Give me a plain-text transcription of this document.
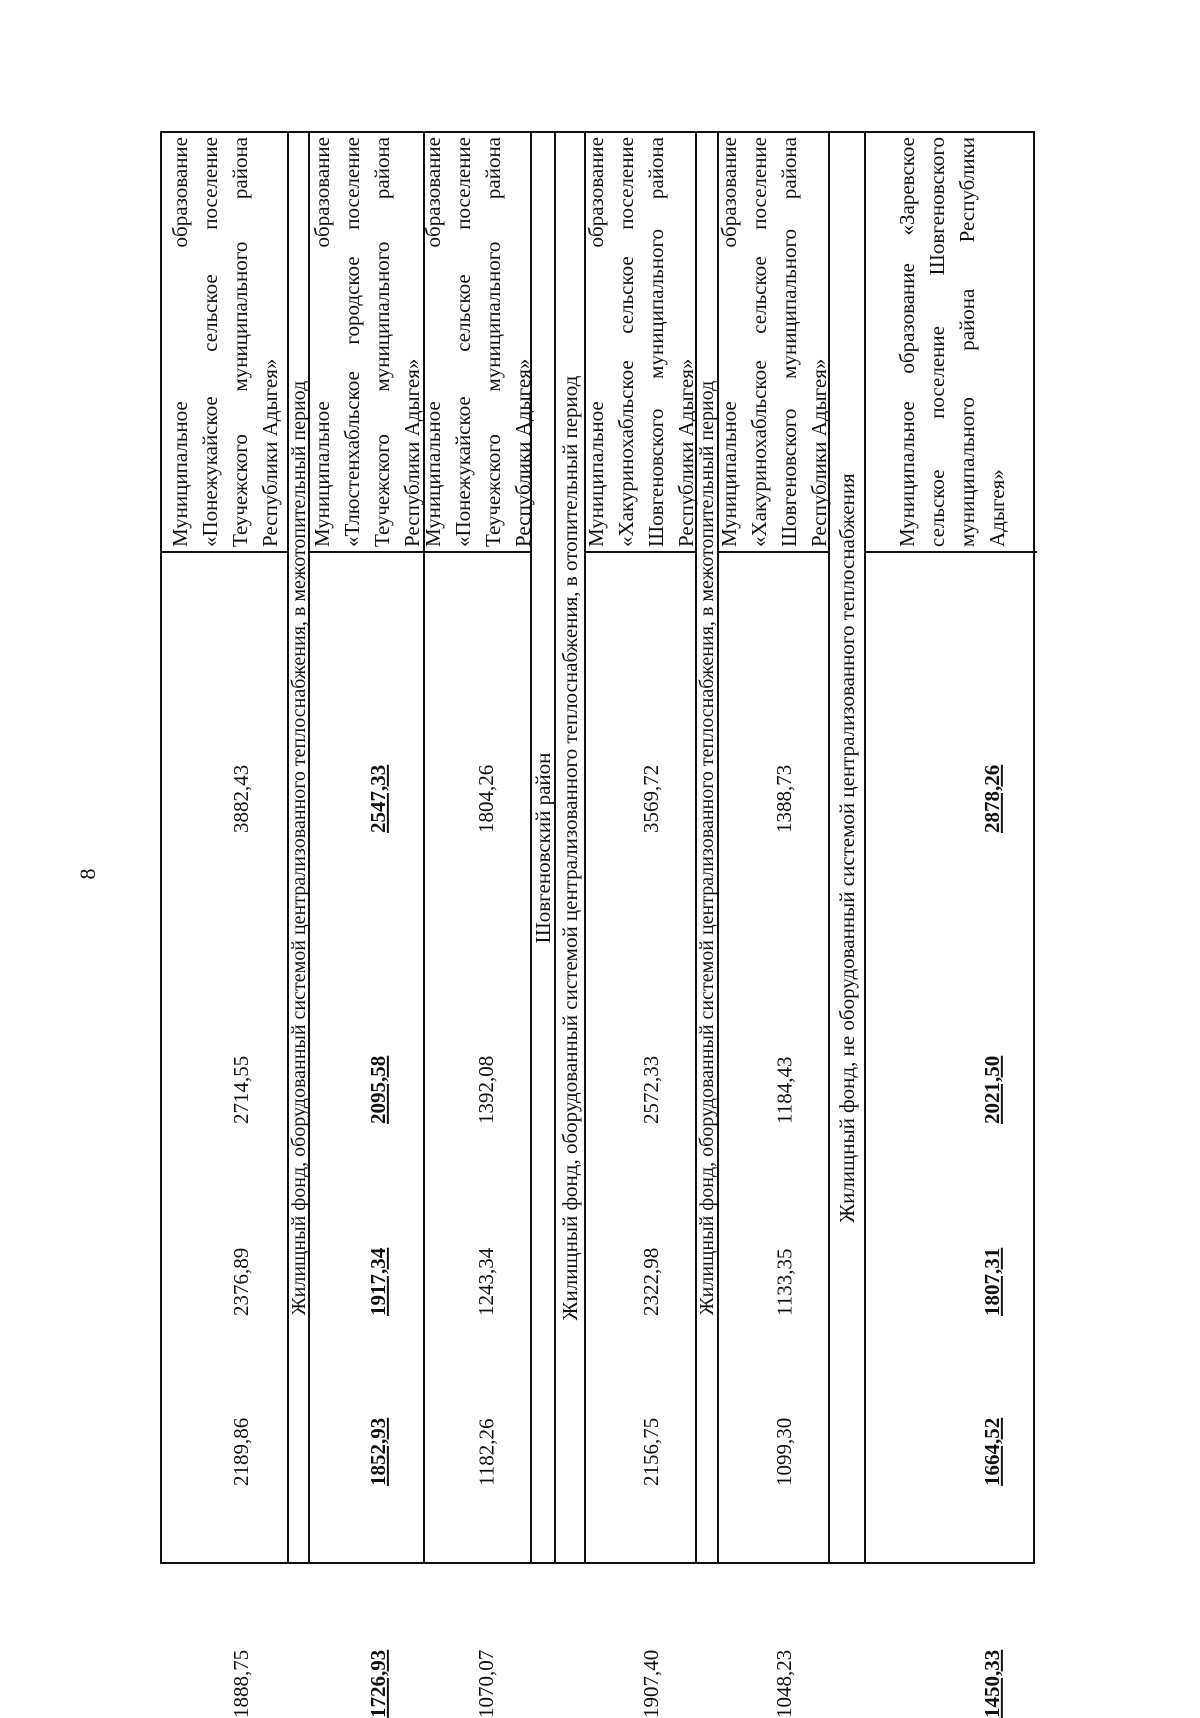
8
Муниципальное образование «Понежукайское сельское поселение Теучежского муниципального района Республики Адыгея»
3882,43
2714,55
2376,89
2189,86
1888,75
Жилищный фонд, оборудованный системой централизованного теплоснабжения, в межотопительный период
Муниципальное образование «Тлюстенхабльское городское поселение Теучежского муниципального района Республики Адыгея»
2547,33
2095,58
1917,34
1852,93
1726,93
Муниципальное образование «Понежукайское сельское поселение Теучежского муниципального района Республики Адыгея»
1804,26
1392,08
1243,34
1182,26
1070,07
Шовгеновский район Жилищный фонд, оборудованный системой централизованного теплоснабжения, в отопительный период
Муниципальное образование «Хакуринохабльское сельское поселение Шовгеновского муниципального района Республики Адыгея»
3569,72
2572,33
2322,98
2156,75
1907,40
Жилищный фонд, оборудованный системой централизованного теплоснабжения, в межотопительный период
Муниципальное образование «Хакуринохабльское сельское поселение Шовгеновского муниципального района Республики Адыгея»
1388,73
1184,43
1133,35
1099,30
1048,23
Жилищный фонд, не оборудованный системой централизованного теплоснабжения
Муниципальное образование «Заревское сельское поселение Шовгеновского муниципального района Республики Адыгея»
2878,26
2021,50
1807,31
1664,52
1450,33
